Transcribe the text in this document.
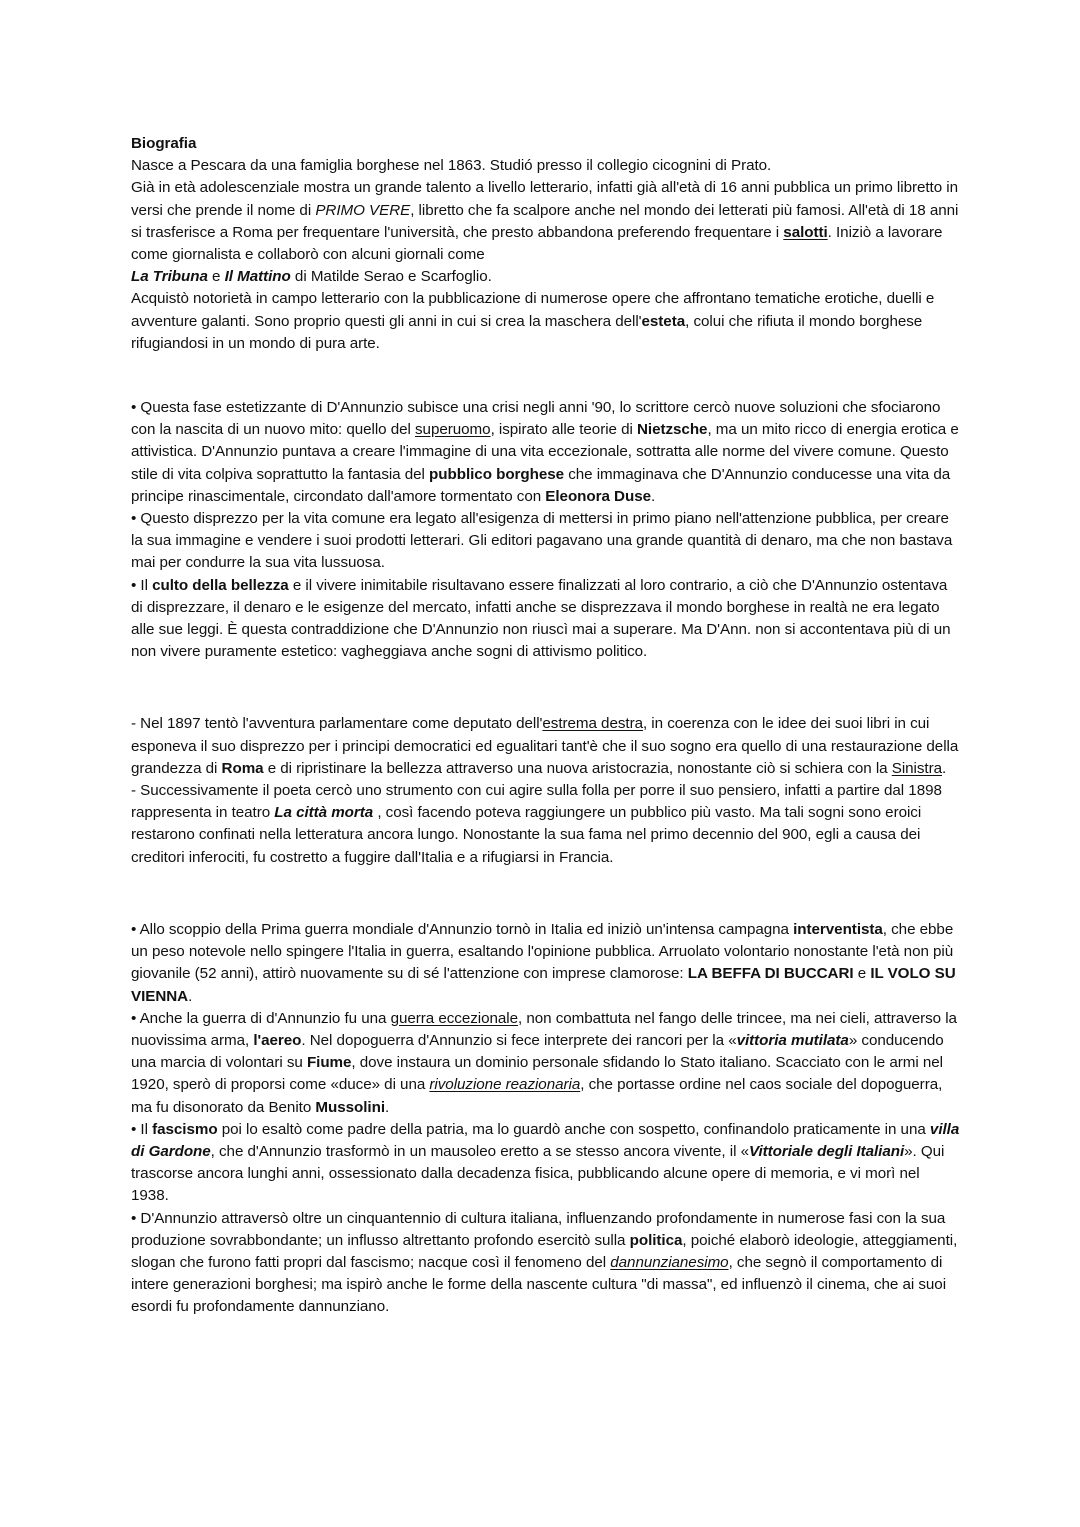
Biografia

Nasce a Pescara da una famiglia borghese nel 1863. Studió presso il collegio cicognini di Prato.

Già in età adolescenziale mostra un grande talento a livello letterario, infatti già all'età di 16 anni pubblica un primo libretto in versi che prende il nome di PRIMO VERE, libretto che fa scalpore anche nel mondo dei letterati più famosi. All'età di 18 anni si trasferisce a Roma per frequentare l'università, che presto abbandona preferendo frequentare i salotti. Iniziò a lavorare come giornalista e collaborò con alcuni giornali come

La Tribuna e Il Mattino di Matilde Serao e Scarfoglio.

Acquistò notorietà in campo letterario con la pubblicazione di numerose opere che affrontano tematiche erotiche, duelli e avventure galanti. Sono proprio questi gli anni in cui si crea la maschera dell'esteta, colui che rifiuta il mondo borghese rifugiandosi in un mondo di pura arte.

• Questa fase estetizzante di D'Annunzio subisce una crisi negli anni '90, lo scrittore cercò nuove soluzioni che sfociarono con la nascita di un nuovo mito: quello del superuomo, ispirato alle teorie di Nietzsche, ma un mito ricco di energia erotica e attivistica. D'Annunzio puntava a creare l'immagine di una vita eccezionale, sottratta alle norme del vivere comune. Questo stile di vita colpiva soprattutto la fantasia del pubblico borghese che immaginava che D'Annunzio conducesse una vita da principe rinascimentale, circondato dall'amore tormentato con Eleonora Duse.

• Questo disprezzo per la vita comune era legato all'esigenza di mettersi in primo piano nell'attenzione pubblica, per creare la sua immagine e vendere i suoi prodotti letterari. Gli editori pagavano una grande quantità di denaro, ma che non bastava mai per condurre la sua vita lussuosa.

• Il culto della bellezza e il vivere inimitabile risultavano essere finalizzati al loro contrario, a ciò che D'Annunzio ostentava di disprezzare, il denaro e le esigenze del mercato, infatti anche se disprezzava il mondo borghese in realtà ne era legato alle sue leggi. È questa contraddizione che D'Annunzio non riuscì mai a superare. Ma D'Ann. non si accontentava più di un non vivere puramente estetico: vagheggiava anche sogni di attivismo politico.

- Nel 1897 tentò l'avventura parlamentare come deputato dell'estrema destra, in coerenza con le idee dei suoi libri in cui esponeva il suo disprezzo per i principi democratici ed egualitari tant'è che il suo sogno era quello di una restaurazione della grandezza di Roma e di ripristinare la bellezza attraverso una nuova aristocrazia, nonostante ciò si schiera con la Sinistra.

- Successivamente il poeta cercò uno strumento con cui agire sulla folla per porre il suo pensiero, infatti a partire dal 1898 rappresenta in teatro La città morta , così facendo poteva raggiungere un pubblico più vasto. Ma tali sogni sono eroici restarono confinati nella letteratura ancora lungo. Nonostante la sua fama nel primo decennio del 900, egli a causa dei creditori inferociti, fu costretto a fuggire dall'Italia e a rifugiarsi in Francia.

• Allo scoppio della Prima guerra mondiale d'Annunzio tornò in Italia ed iniziò un'intensa campagna interventista, che ebbe un peso notevole nello spingere l'Italia in guerra, esaltando l'opinione pubblica. Arruolato volontario nonostante l'età non più giovanile (52 anni), attirò nuovamente su di sé l'attenzione con imprese clamorose: LA BEFFA DI BUCCARI e IL VOLO SU VIENNA.

• Anche la guerra di d'Annunzio fu una guerra eccezionale, non combattuta nel fango delle trincee, ma nei cieli, attraverso la nuovissima arma, l'aereo. Nel dopoguerra d'Annunzio si fece interprete dei rancori per la «vittoria mutilata» conducendo una marcia di volontari su Fiume, dove instaura un dominio personale sfidando lo Stato italiano. Scacciato con le armi nel 1920, sperò di proporsi come «duce» di una rivoluzione reazionaria, che portasse ordine nel caos sociale del dopoguerra, ma fu disonorato da Benito Mussolini.

• Il fascismo poi lo esaltò come padre della patria, ma lo guardò anche con sospetto, confinandolo praticamente in una villa di Gardone, che d'Annunzio trasformò in un mausoleo eretto a se stesso ancora vivente, il «Vittoriale degli Italiani». Qui trascorse ancora lunghi anni, ossessionato dalla decadenza fisica, pubblicando alcune opere di memoria, e vi morì nel 1938.

• D'Annunzio attraversò oltre un cinquantennio di cultura italiana, influenzando profondamente in numerose fasi con la sua produzione sovrabbondante; un influsso altrettanto profondo esercitò sulla politica, poiché elaborò ideologie, atteggiamenti, slogan che furono fatti propri dal fascismo; nacque così il fenomeno del dannunzianesimo, che segnò il comportamento di intere generazioni borghesi; ma ispirò anche le forme della nascente cultura "di massa", ed influenzò il cinema, che ai suoi esordi fu profondamente dannunziano.
